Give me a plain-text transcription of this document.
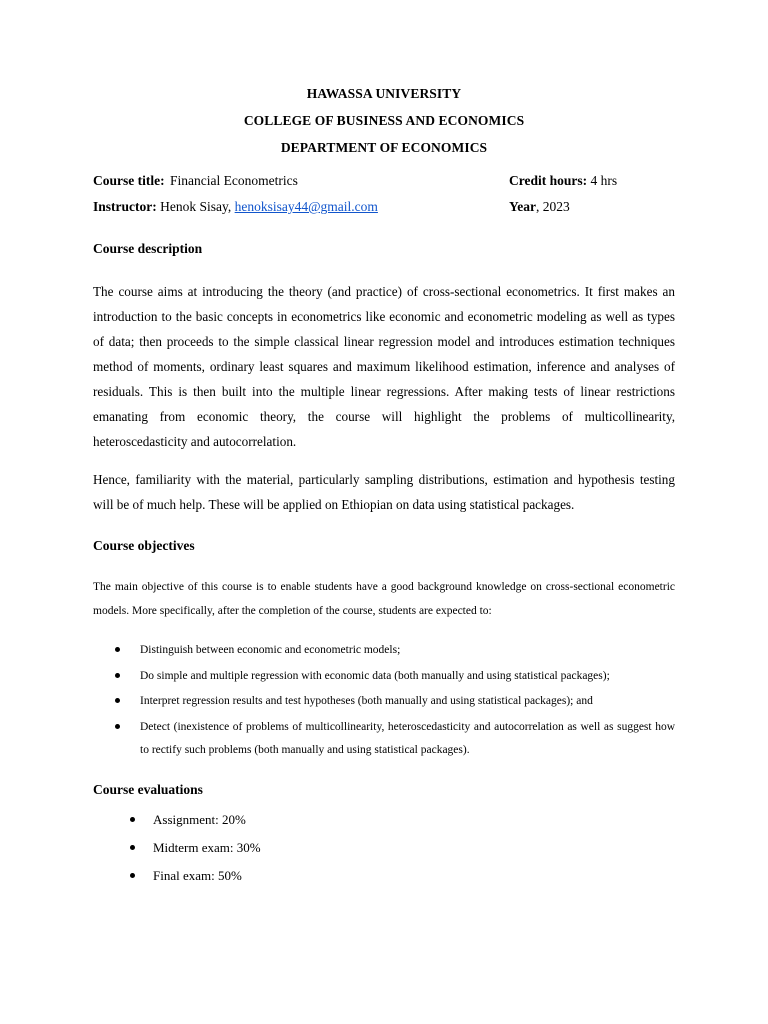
HAWASSA UNIVERSITY
COLLEGE OF BUSINESS AND ECONOMICS
DEPARTMENT OF ECONOMICS
Course title: Financial Econometrics	Credit hours: 4 hrs
Instructor: Henok Sisay, henoksisay44@gmail.com	Year, 2023
Course description
The course aims at introducing the theory (and practice) of cross-sectional econometrics. It first makes an introduction to the basic concepts in econometrics like economic and econometric modeling as well as types of data; then proceeds to the simple classical linear regression model and introduces estimation techniques method of moments, ordinary least squares and maximum likelihood estimation, inference and analyses of residuals. This is then built into the multiple linear regressions. After making tests of linear restrictions emanating from economic theory, the course will highlight the problems of multicollinearity, heteroscedasticity and autocorrelation.
Hence, familiarity with the material, particularly sampling distributions, estimation and hypothesis testing will be of much help. These will be applied on Ethiopian on data using statistical packages.
Course objectives
The main objective of this course is to enable students have a good background knowledge on cross-sectional econometric models. More specifically, after the completion of the course, students are expected to:
Distinguish between economic and econometric models;
Do simple and multiple regression with economic data (both manually and using statistical packages);
Interpret regression results and test hypotheses (both manually and using statistical packages); and
Detect (inexistence of problems of multicollinearity, heteroscedasticity and autocorrelation as well as suggest how to rectify such problems (both manually and using statistical packages).
Course evaluations
Assignment: 20%
Midterm exam: 30%
Final exam: 50%
